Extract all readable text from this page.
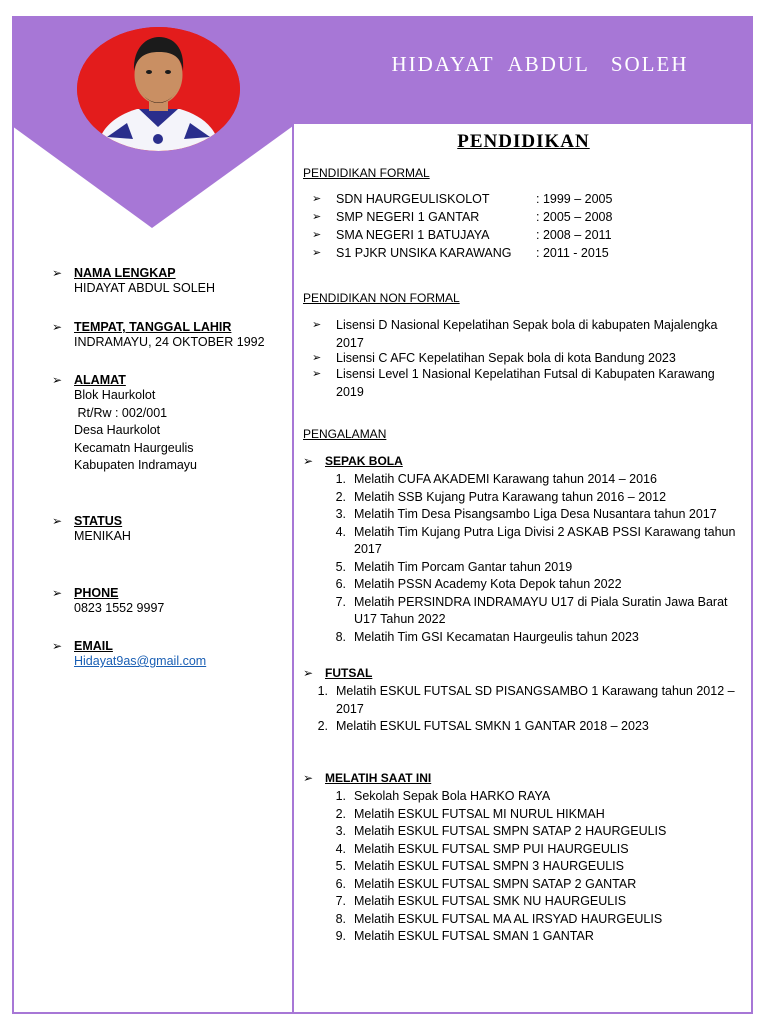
HIDAYAT  ABDUL   SOLEH
➢ NAMA LENGKAP
HIDAYAT ABDUL SOLEH
➢ TEMPAT, TANGGAL LAHIR
INDRAMAYU, 24 OKTOBER 1992
➢ ALAMAT
Blok Haurkolot
Rt/Rw : 002/001
Desa Haurkolot
Kecamatn Haurgeulis
Kabupaten Indramayu
➢ STATUS
MENIKAH
➢ PHONE
0823 1552 9997
➢ EMAIL
Hidayat9as@gmail.com
PENDIDIKAN
PENDIDIKAN FORMAL
➢	SDN HAURGEULISKOLOT	: 1999 – 2005
➢	SMP NEGERI 1 GANTAR	: 2005 – 2008
➢	SMA NEGERI 1 BATUJAYA	: 2008 – 2011
➢	S1 PJKR UNSIKA KARAWANG	: 2011 - 2015
PENDIDIKAN NON FORMAL
➢	Lisensi D Nasional Kepelatihan Sepak bola di kabupaten Majalengka
2017
➢	Lisensi C AFC Kepelatihan Sepak bola di kota Bandung 2023
➢	Lisensi Level 1 Nasional Kepelatihan Futsal di Kabupaten Karawang
2019
PENGALAMAN
➢ SEPAK BOLA
1. Melatih CUFA AKADEMI Karawang tahun 2014 – 2016
2. Melatih SSB Kujang Putra Karawang tahun 2016 – 2012
3. Melatih Tim Desa Pisangsambo Liga Desa Nusantara tahun 2017
4. Melatih Tim Kujang Putra Liga Divisi 2 ASKAB PSSI Karawang tahun
2017
5. Melatih Tim Porcam Gantar tahun 2019
6. Melatih PSSN Academy Kota Depok tahun 2022
7. Melatih PERSINDRA INDRAMAYU U17 di Piala Suratin Jawa Barat
U17 Tahun 2022
8. Melatih Tim GSI Kecamatan Haurgeulis tahun 2023
➢ FUTSAL
1. Melatih ESKUL FUTSAL SD PISANGSAMBO 1 Karawang tahun 2012 –
2017
2. Melatih ESKUL FUTSAL SMKN 1 GANTAR 2018 – 2023
➢ MELATIH SAAT INI
1. Sekolah Sepak Bola HARKO RAYA
2. Melatih ESKUL FUTSAL MI NURUL HIKMAH
3. Melatih ESKUL FUTSAL SMPN SATAP 2 HAURGEULIS
4. Melatih ESKUL FUTSAL SMP PUI HAURGEULIS
5. Melatih ESKUL FUTSAL SMPN 3 HAURGEULIS
6. Melatih ESKUL FUTSAL SMPN SATAP 2 GANTAR
7. Melatih ESKUL FUTSAL SMK NU HAURGEULIS
8. Melatih ESKUL FUTSAL MA AL IRSYAD HAURGEULIS
9. Melatih ESKUL FUTSAL SMAN 1 GANTAR
